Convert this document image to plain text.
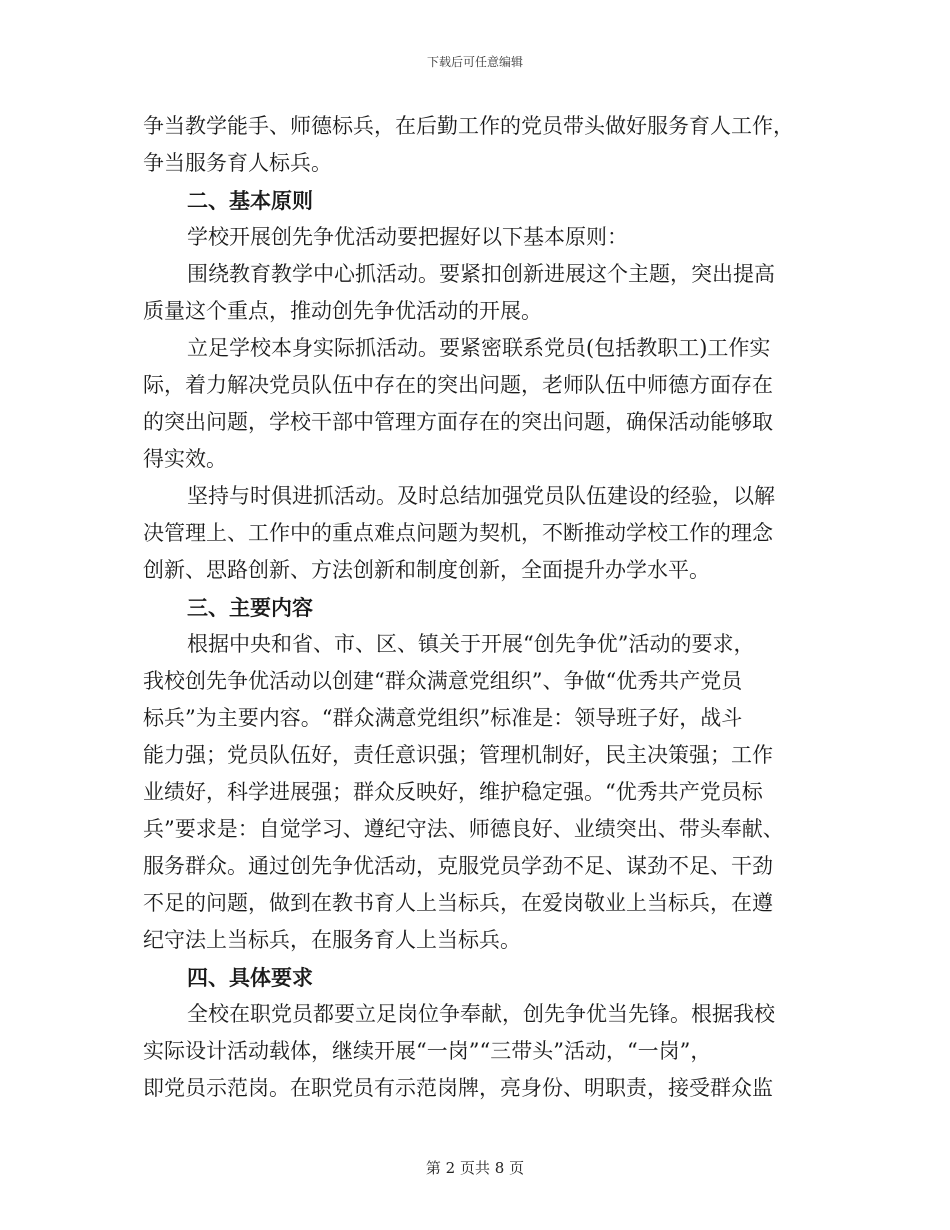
下载后可任意编辑
争当教学能手、师德标兵，在后勤工作的党员带头做好服务育人工作，
争当服务育人标兵。
二、基本原则
学校开展创先争优活动要把握好以下基本原则：
围绕教育教学中心抓活动。要紧扣创新进展这个主题，突出提高
质量这个重点，推动创先争优活动的开展。
立足学校本身实际抓活动。要紧密联系党员(包括教职工)工作实
际，着力解决党员队伍中存在的突出问题，老师队伍中师德方面存在
的突出问题，学校干部中管理方面存在的突出问题，确保活动能够取
得实效。
坚持与时俱进抓活动。及时总结加强党员队伍建设的经验，以解
决管理上、工作中的重点难点问题为契机，不断推动学校工作的理念
创新、思路创新、方法创新和制度创新，全面提升办学水平。
三、主要内容
根据中央和省、市、区、镇关于开展“创先争优”活动的要求，
我校创先争优活动以创建“群众满意党组织”、争做“优秀共产党员
标兵”为主要内容。“群众满意党组织”标准是：领导班子好，战斗
能力强；党员队伍好，责任意识强；管理机制好，民主决策强；工作
业绩好，科学进展强；群众反映好，维护稳定强。“优秀共产党员标
兵”要求是：自觉学习、遵纪守法、师德良好、业绩突出、带头奉献、
服务群众。通过创先争优活动，克服党员学劲不足、谋劲不足、干劲
不足的问题，做到在教书育人上当标兵，在爱岗敬业上当标兵，在遵
纪守法上当标兵，在服务育人上当标兵。
四、具体要求
全校在职党员都要立足岗位争奉献，创先争优当先锋。根据我校
实际设计活动载体，继续开展“一岗”“三带头”活动，“一岗”，
即党员示范岗。在职党员有示范岗牌，亮身份、明职责，接受群众监
第 2 页共 8 页
